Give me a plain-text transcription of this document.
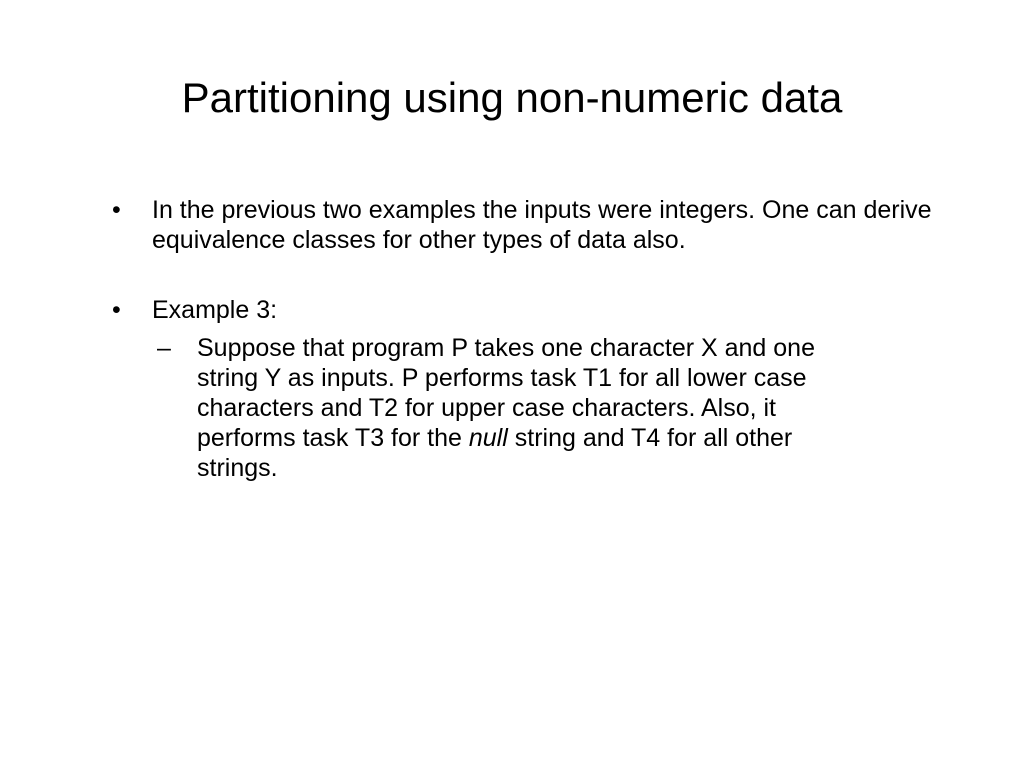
Partitioning using non-numeric data
•	In the previous two examples the inputs were integers. One can derive equivalence classes for other types of data also.
•	Example 3:
–	Suppose that program P takes one character X and one
string Y as inputs. P performs task T1 for all lower case
characters and T2 for upper case characters. Also, it
performs task T3 for the null string and T4 for all other
strings.
